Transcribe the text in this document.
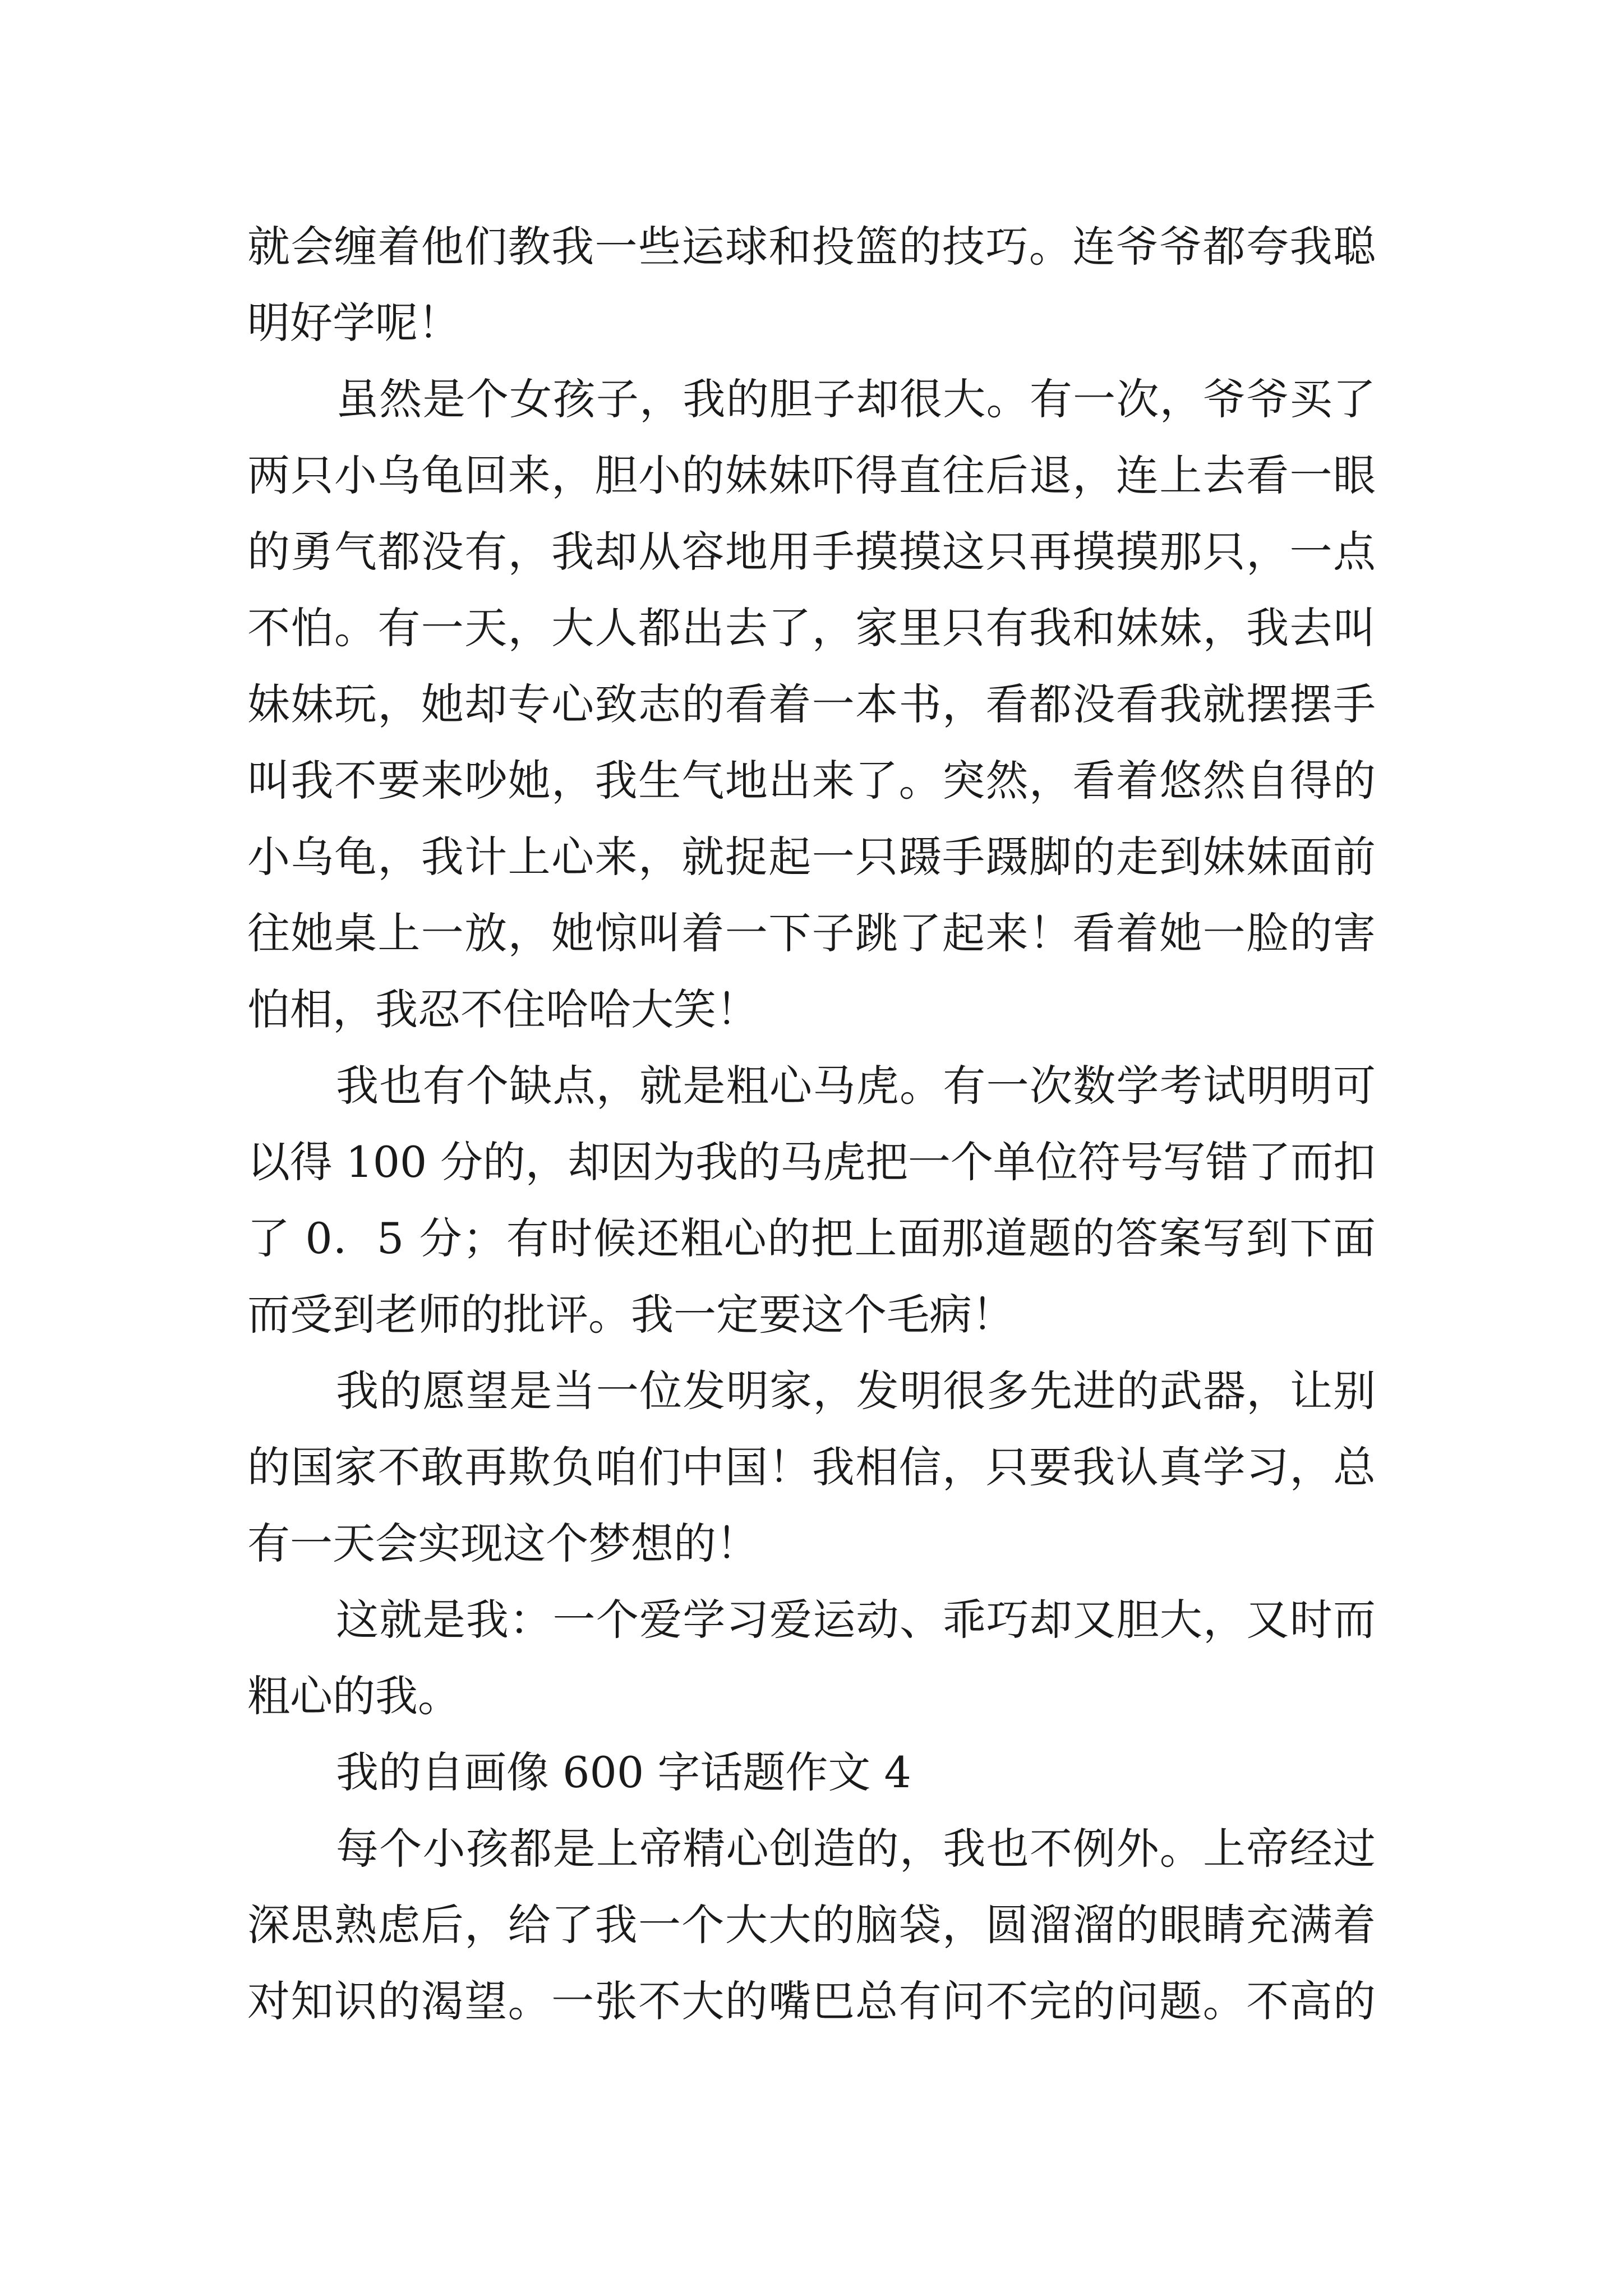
就会缠着他们教我一些运球和投篮的技巧。连爷爷都夸我聪
明好学呢！
虽然是个女孩子，我的胆子却很大。有一次，爷爷买了
两只小乌龟回来，胆小的妹妹吓得直往后退，连上去看一眼
的勇气都没有，我却从容地用手摸摸这只再摸摸那只，一点
不怕。有一天，大人都出去了，家里只有我和妹妹，我去叫
妹妹玩，她却专心致志的看着一本书，看都没看我就摆摆手
叫我不要来吵她，我生气地出来了。突然，看着悠然自得的
小乌龟，我计上心来，就捉起一只蹑手蹑脚的走到妹妹面前
往她桌上一放，她惊叫着一下子跳了起来！看着她一脸的害
怕相，我忍不住哈哈大笑！
我也有个缺点，就是粗心马虎。有一次数学考试明明可
以得 100 分的，却因为我的马虎把一个单位符号写错了而扣
了 0．5 分；有时候还粗心的把上面那道题的答案写到下面
而受到老师的批评。我一定要这个毛病！
我的愿望是当一位发明家，发明很多先进的武器，让别
的国家不敢再欺负咱们中国！我相信，只要我认真学习，总
有一天会实现这个梦想的！
这就是我：一个爱学习爱运动、乖巧却又胆大，又时而
粗心的我。
我的自画像 600 字话题作文 4
每个小孩都是上帝精心创造的，我也不例外。上帝经过
深思熟虑后，给了我一个大大的脑袋，圆溜溜的眼睛充满着
对知识的渴望。一张不大的嘴巴总有问不完的问题。不高的
